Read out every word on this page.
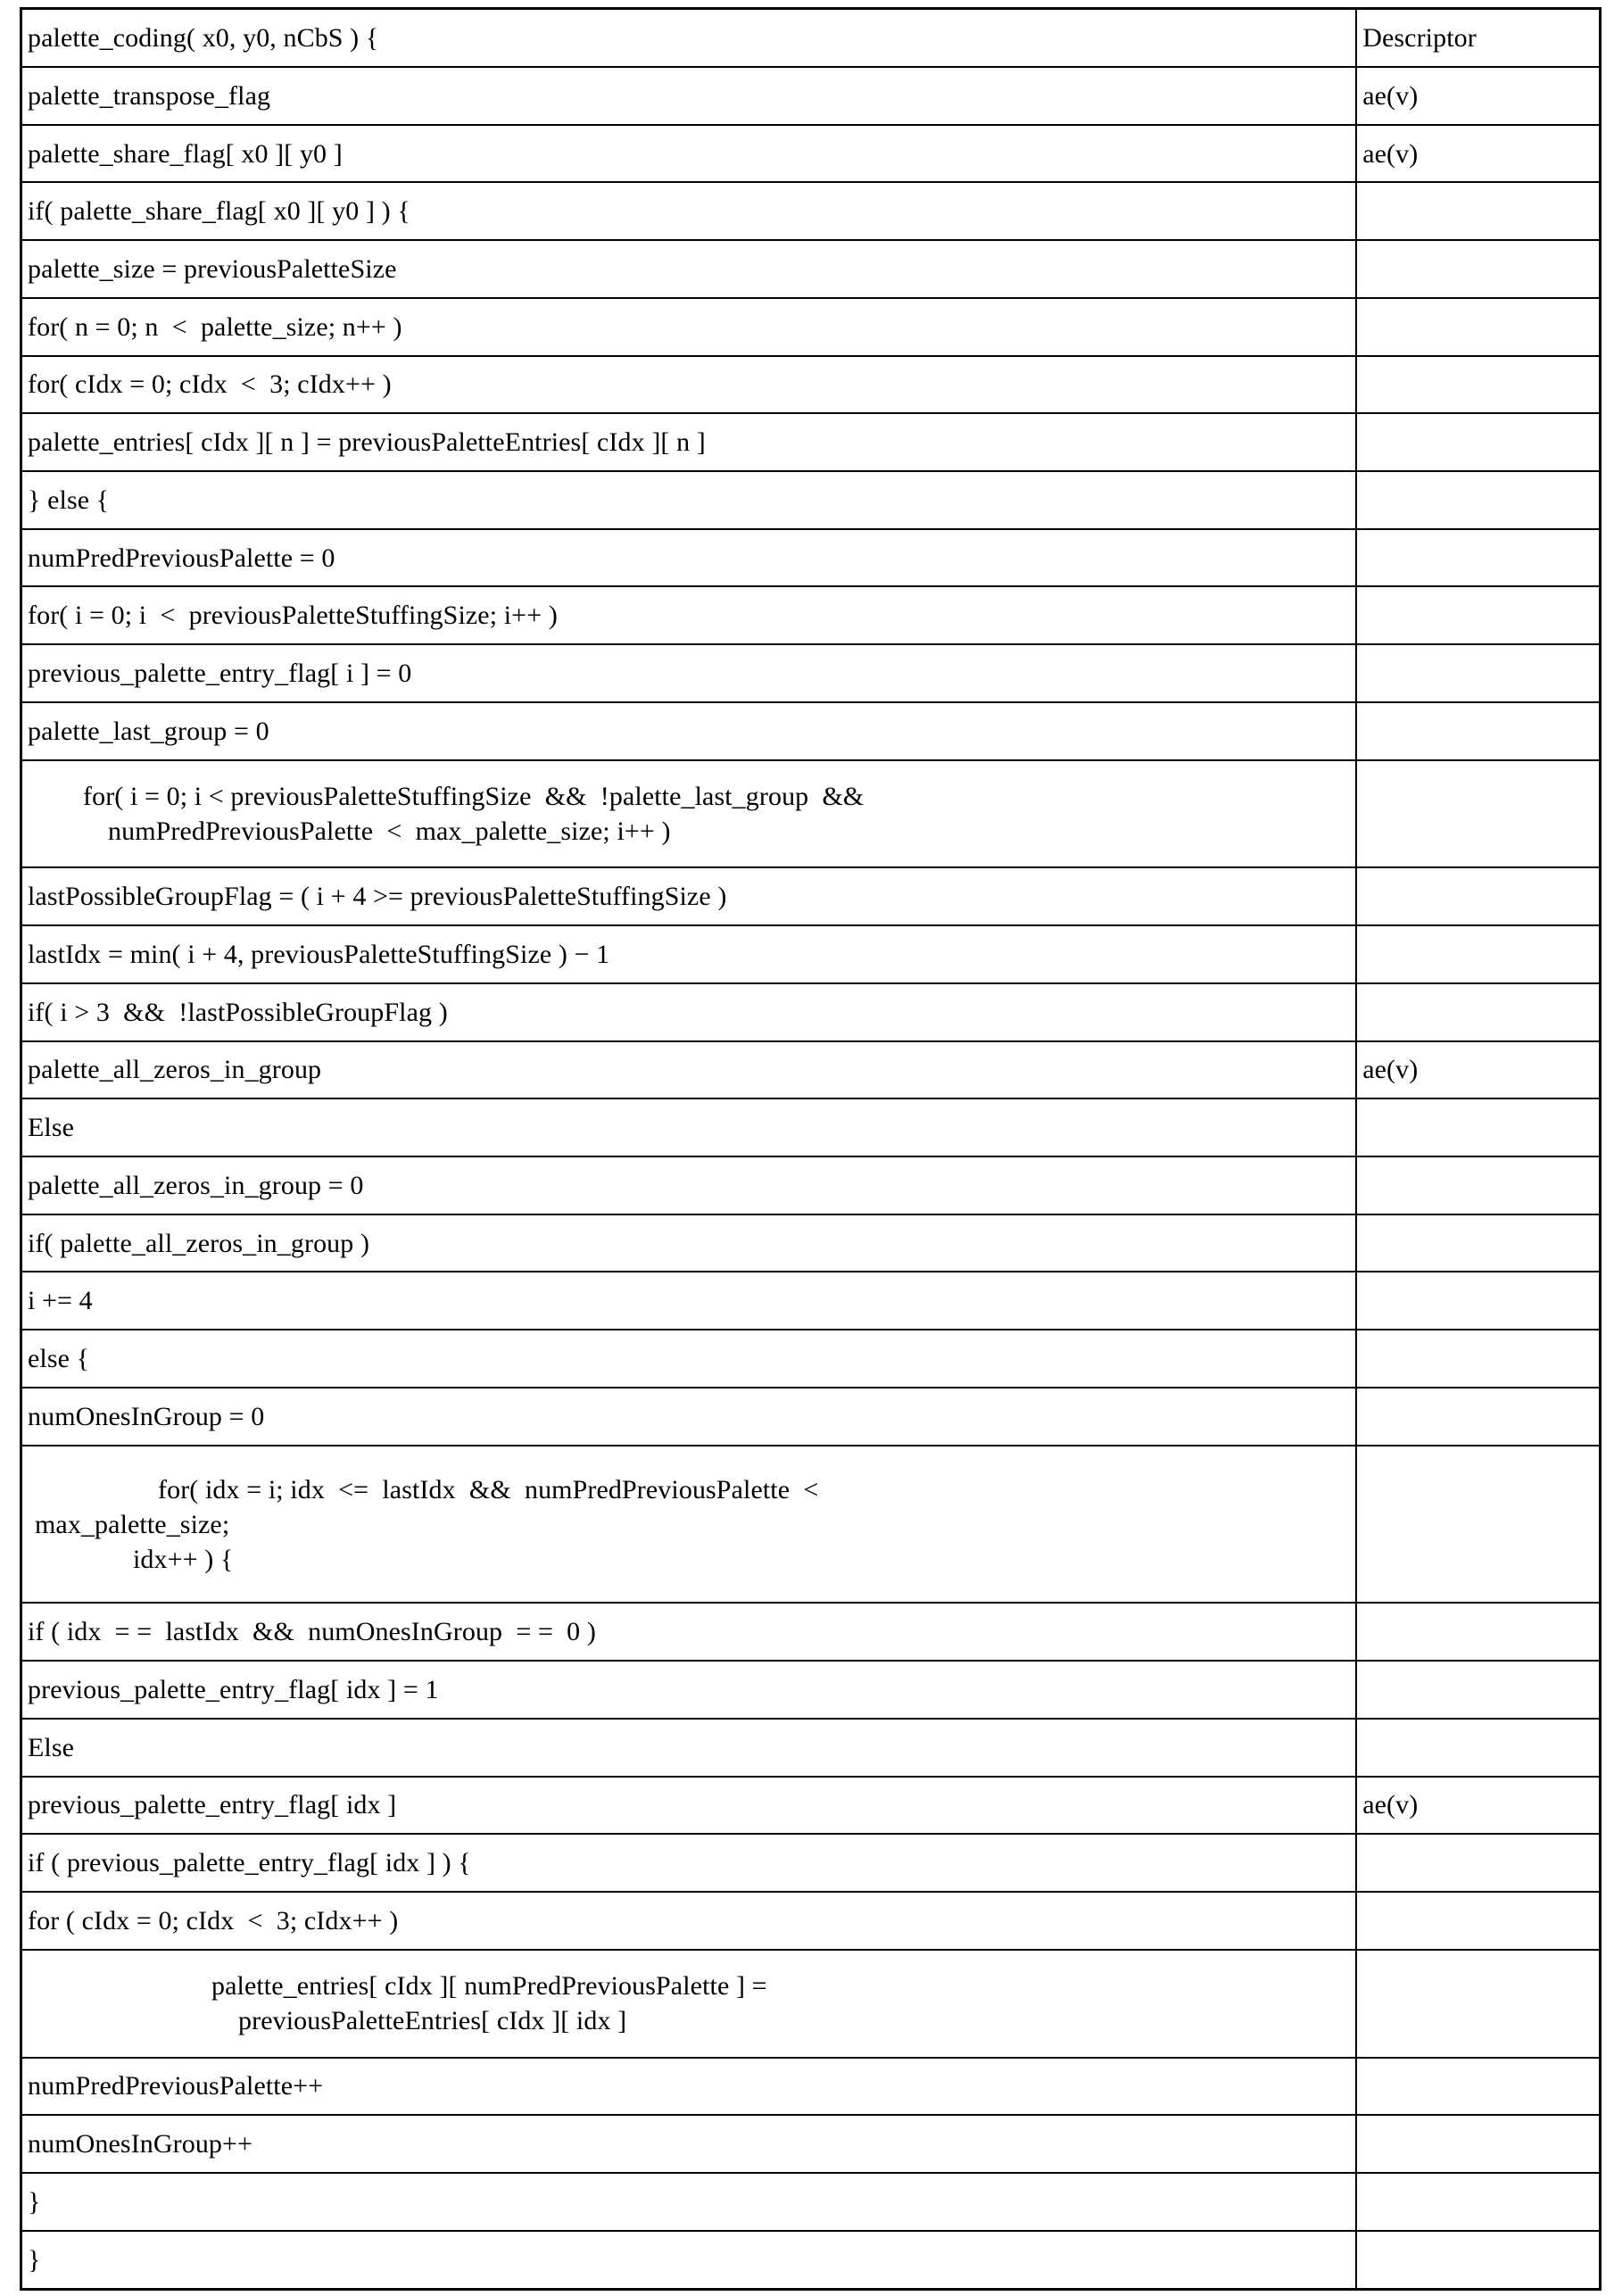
palette_coding( x0, y0, nCbS ) {	Descriptor
palette_transpose_flag	ae(v)
palette_share_flag[ x0 ][ y0 ]	ae(v)
if( palette_share_flag[ x0 ][ y0 ] ) {	
palette_size = previousPaletteSize	
for( n = 0; n  <  palette_size; n++ )	
for( cIdx = 0; cIdx  <  3; cIdx++ )	
palette_entries[ cIdx ][ n ] = previousPaletteEntries[ cIdx ][ n ]	
} else {	
numPredPreviousPalette = 0	
for( i = 0; i  <  previousPaletteStuffingSize; i++ )	
previous_palette_entry_flag[ i ] = 0	
palette_last_group = 0	

for( i = 0; i < previousPaletteStuffingSize  &&  !palette_last_group  &&
numPredPreviousPalette  <  max_palette_size; i++ )	

lastPossibleGroupFlag = ( i + 4 >= previousPaletteStuffingSize )	
lastIdx = min( i + 4, previousPaletteStuffingSize ) − 1	
if( i > 3  &&  !lastPossibleGroupFlag )	
palette_all_zeros_in_group	ae(v)
Else	
palette_all_zeros_in_group = 0	
if( palette_all_zeros_in_group )	
i += 4	
else {	
numOnesInGroup = 0	

for( idx = i; idx  <=  lastIdx  &&  numPredPreviousPalette  <
max_palette_size;
idx++ ) {	

if ( idx  = =  lastIdx  &&  numOnesInGroup  = =  0 )	
previous_palette_entry_flag[ idx ] = 1	
Else	
previous_palette_entry_flag[ idx ]	ae(v)
if ( previous_palette_entry_flag[ idx ] ) {	
for ( cIdx = 0; cIdx  <  3; cIdx++ )	

palette_entries[ cIdx ][ numPredPreviousPalette ] =
previousPaletteEntries[ cIdx ][ idx ]	

numPredPreviousPalette++	
numOnesInGroup++	
}	
}	
